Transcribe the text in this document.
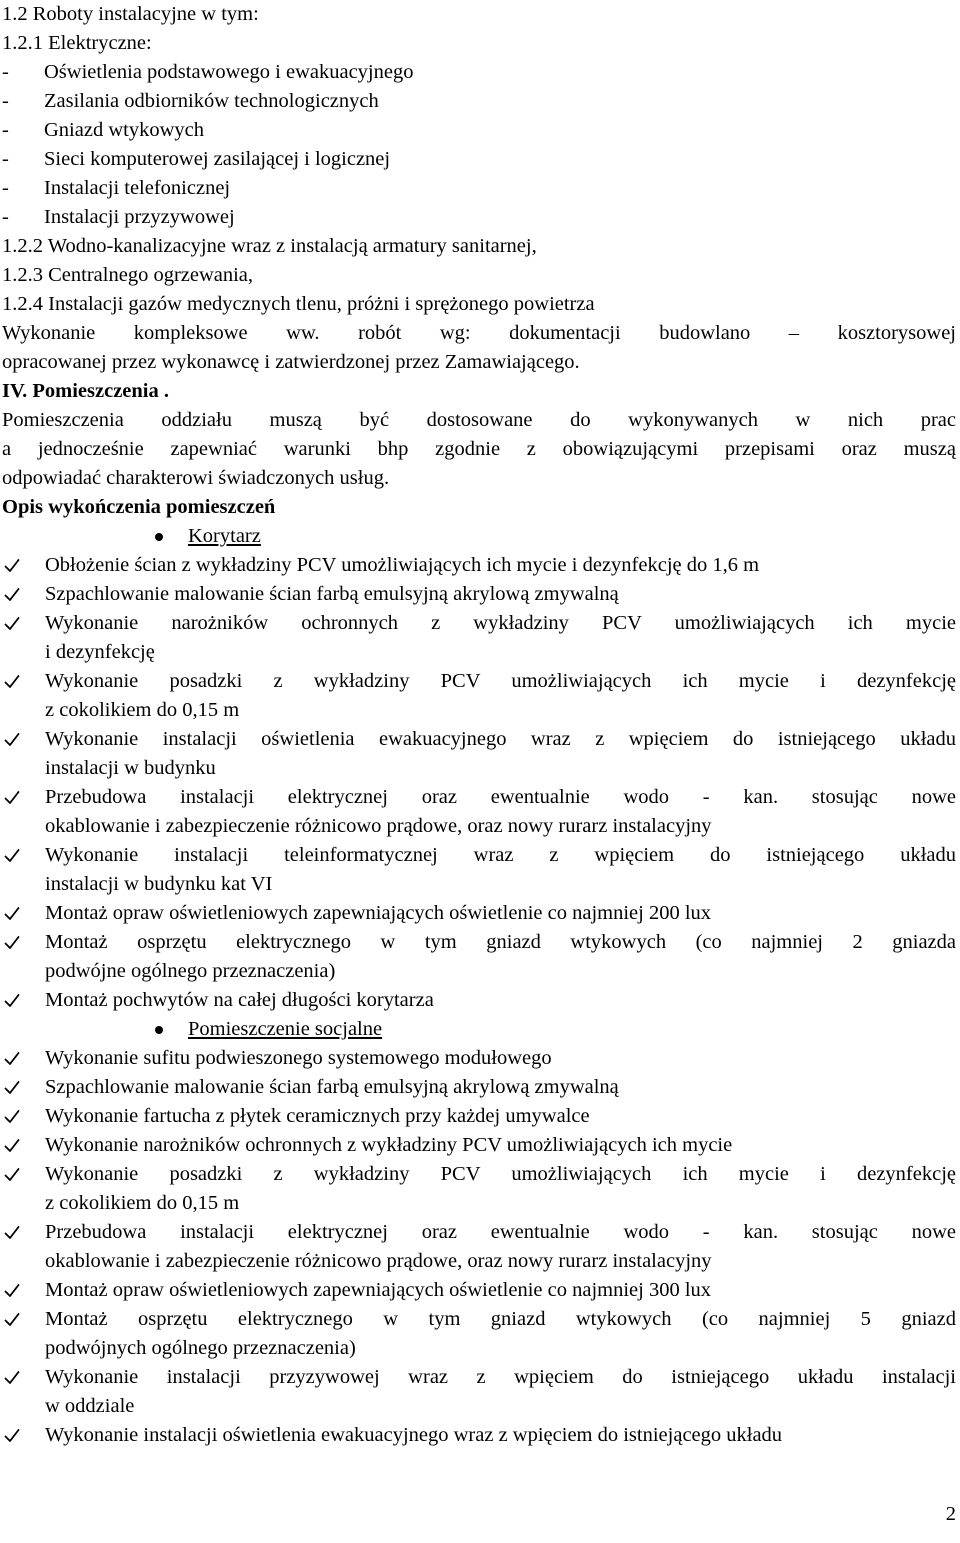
1.2 Roboty instalacyjne w tym:
1.2.1 Elektryczne:
-	Oświetlenia podstawowego i ewakuacyjnego
-	Zasilania odbiorników technologicznych
-	Gniazd wtykowych
-	Sieci komputerowej zasilającej i logicznej
-	Instalacji telefonicznej
-	Instalacji przyzywowej
1.2.2 Wodno-kanalizacyjne wraz z instalacją armatury sanitarnej,
1.2.3 Centralnego ogrzewania,
1.2.4 Instalacji gazów medycznych tlenu, próżni i sprężonego powietrza
Wykonanie kompleksowe ww. robót wg: dokumentacji budowlano – kosztorysowej
opracowanej przez wykonawcę i zatwierdzonej przez Zamawiającego.
IV. Pomieszczenia .
Pomieszczenia oddziału muszą być dostosowane do wykonywanych w nich prac
a jednocześnie zapewniać warunki bhp zgodnie z obowiązującymi przepisami oraz muszą
odpowiadać charakterowi świadczonych usług.
Opis wykończenia pomieszczeń
Korytarz
Obłożenie ścian z wykładziny PCV umożliwiających ich mycie i dezynfekcję do 1,6 m
Szpachlowanie malowanie ścian farbą emulsyjną akrylową zmywalną
Wykonanie narożników ochronnych z wykładziny PCV umożliwiających ich mycie
i dezynfekcję
Wykonanie posadzki z wykładziny PCV umożliwiających ich mycie i dezynfekcję
z cokolikiem do 0,15 m
Wykonanie instalacji oświetlenia ewakuacyjnego wraz z wpięciem do istniejącego układu
instalacji w budynku
Przebudowa instalacji elektrycznej oraz ewentualnie wodo - kan. stosując nowe
okablowanie i zabezpieczenie różnicowo prądowe, oraz nowy rurarz instalacyjny
Wykonanie instalacji teleinformatycznej wraz z wpięciem do istniejącego układu
instalacji w budynku kat VI
Montaż opraw oświetleniowych zapewniających oświetlenie co najmniej 200 lux
Montaż osprzętu elektrycznego w tym gniazd wtykowych (co najmniej 2 gniazda
podwójne ogólnego przeznaczenia)
Montaż pochwytów na całej długości korytarza
Pomieszczenie socjalne
Wykonanie sufitu podwieszonego systemowego modułowego
Szpachlowanie malowanie ścian farbą emulsyjną akrylową zmywalną
Wykonanie fartucha z płytek ceramicznych przy każdej umywalce
Wykonanie narożników ochronnych z wykładziny PCV umożliwiających ich mycie
Wykonanie posadzki z wykładziny PCV umożliwiających ich mycie i dezynfekcję
z cokolikiem do 0,15 m
Przebudowa instalacji elektrycznej oraz ewentualnie wodo - kan. stosując nowe
okablowanie i zabezpieczenie różnicowo prądowe, oraz nowy rurarz instalacyjny
Montaż opraw oświetleniowych zapewniających oświetlenie co najmniej 300 lux
Montaż osprzętu elektrycznego w tym gniazd wtykowych (co najmniej 5 gniazd
podwójnych ogólnego przeznaczenia)
Wykonanie instalacji przyzywowej wraz z wpięciem do istniejącego układu instalacji
w oddziale
Wykonanie instalacji oświetlenia ewakuacyjnego wraz z wpięciem do istniejącego układu
2
